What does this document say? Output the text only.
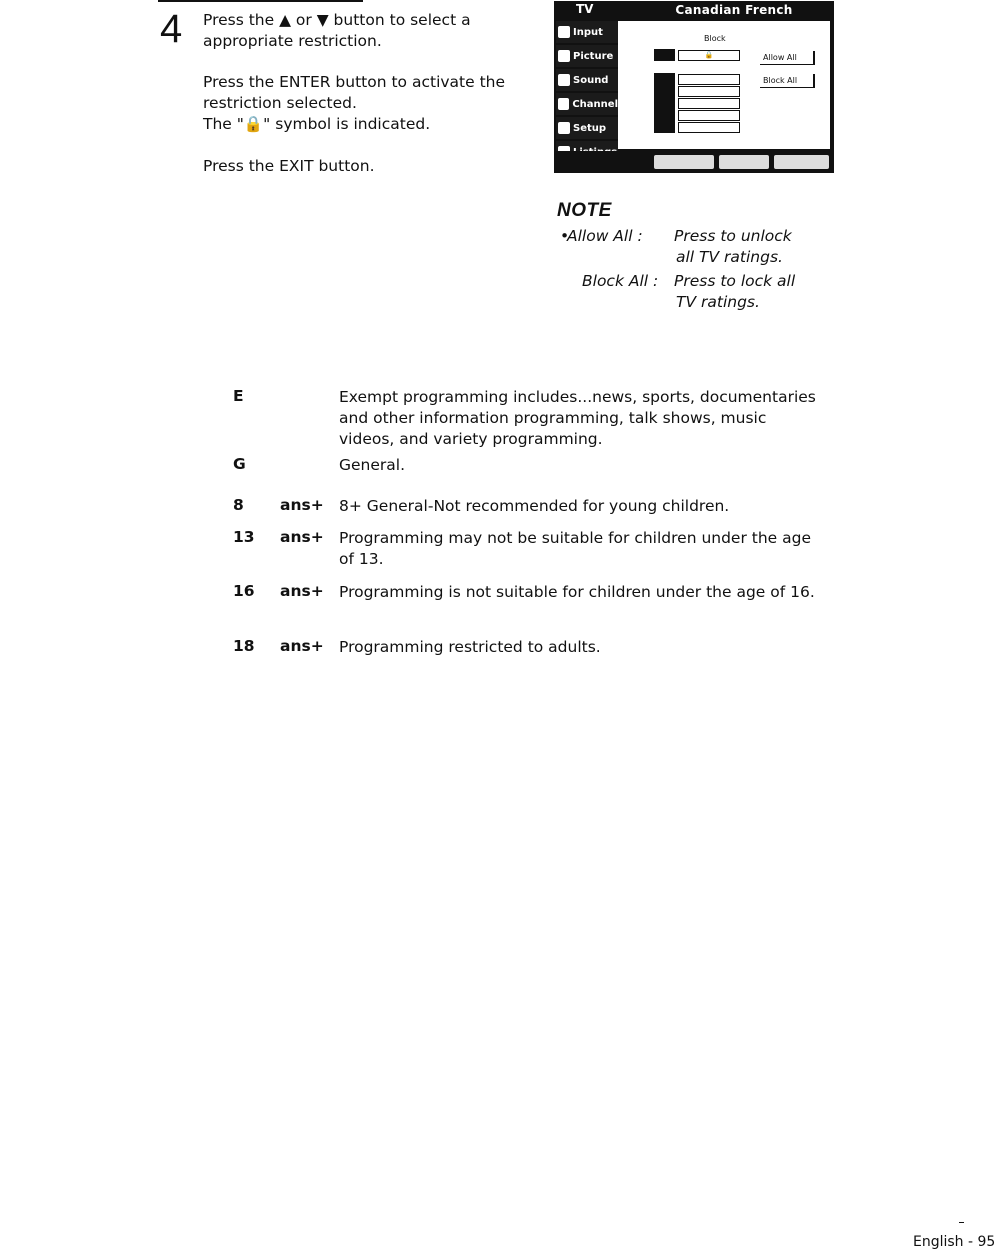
4 Press the ▲ or ▼ button to select a appropriate restriction.
Press the ENTER button to activate the restriction selected.
The "🔒" symbol is indicated.
Press the EXIT button.
TV	Canadian French
Input
Picture
Sound
Channel
Setup
Block
🔒	Allow All
Block All
NOTE
•
Allow All :	Press to unlock
all TV ratings.
Block All : Press to lock all
TV ratings.
E	Exempt programming includes...news, sports, documentaries and other information programming, talk shows, music videos, and variety programming.
G	General.
8 ans+ 8+ General-Not recommended for young children.
13 ans+ Programming may not be suitable for children under the age of 13.
16 ans+ Programming is not suitable for children under the age of 16.
18 ans+ Programming restricted to adults.
English - 95
